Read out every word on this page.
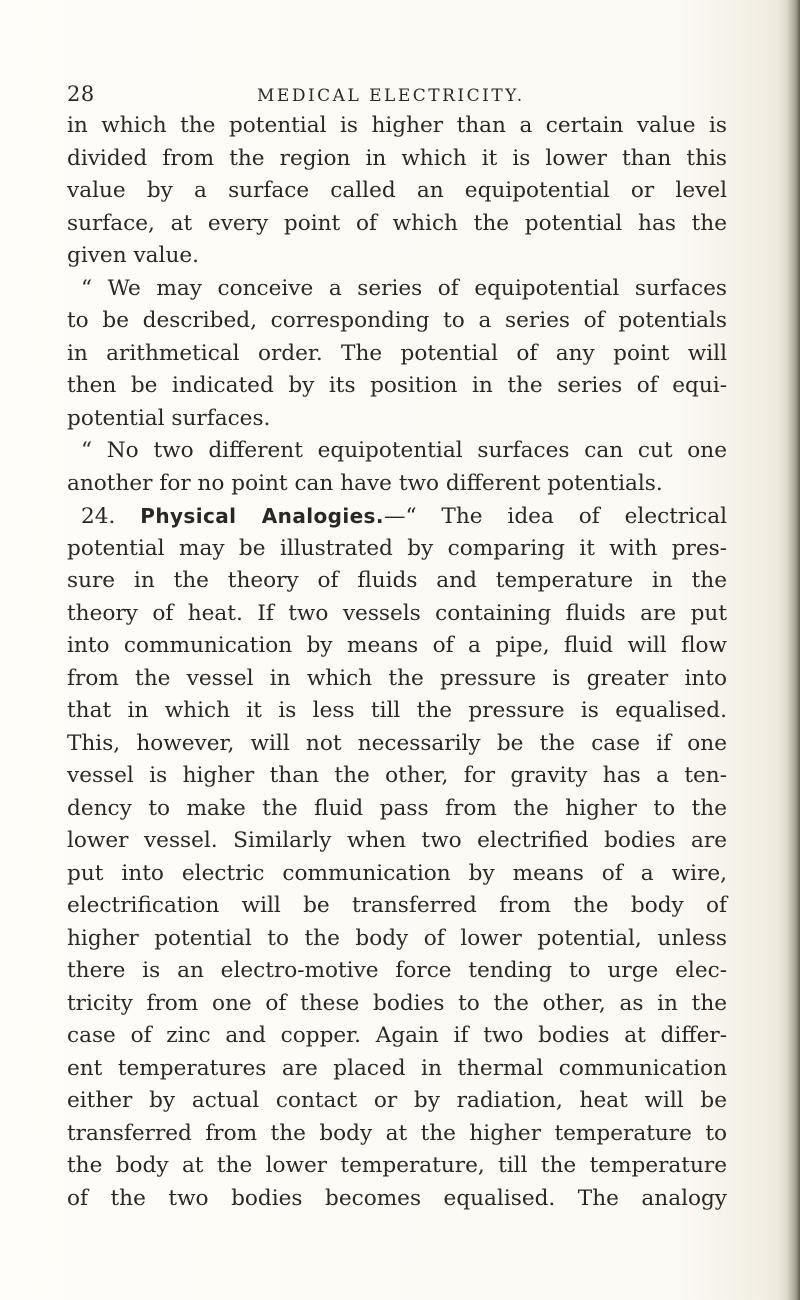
28	MEDICAL ELECTRICITY.
in which the potential is higher than a certain value is
divided from the region in which it is lower than this
value by a surface called an equipotential or level
surface, at every point of which the potential has the
given value.
“ We may conceive a series of equipotential surfaces
to be described, corresponding to a series of potentials
in arithmetical order. The potential of any point will
then be indicated by its position in the series of equi-
potential surfaces.
“ No two different equipotential surfaces can cut one
another for no point can have two different potentials.
24. Physical Analogies.—“ The idea of electrical
potential may be illustrated by comparing it with pres-
sure in the theory of fluids and temperature in the
theory of heat. If two vessels containing fluids are put
into communication by means of a pipe, fluid will flow
from the vessel in which the pressure is greater into
that in which it is less till the pressure is equalised.
This, however, will not necessarily be the case if one
vessel is higher than the other, for gravity has a ten-
dency to make the fluid pass from the higher to the
lower vessel. Similarly when two electrified bodies are
put into electric communication by means of a wire,
electrification will be transferred from the body of
higher potential to the body of lower potential, unless
there is an electro-motive force tending to urge elec-
tricity from one of these bodies to the other, as in the
case of zinc and copper. Again if two bodies at differ-
ent temperatures are placed in thermal communication
either by actual contact or by radiation, heat will be
transferred from the body at the higher temperature to
the body at the lower temperature, till the temperature
of the two bodies becomes equalised. The analogy
